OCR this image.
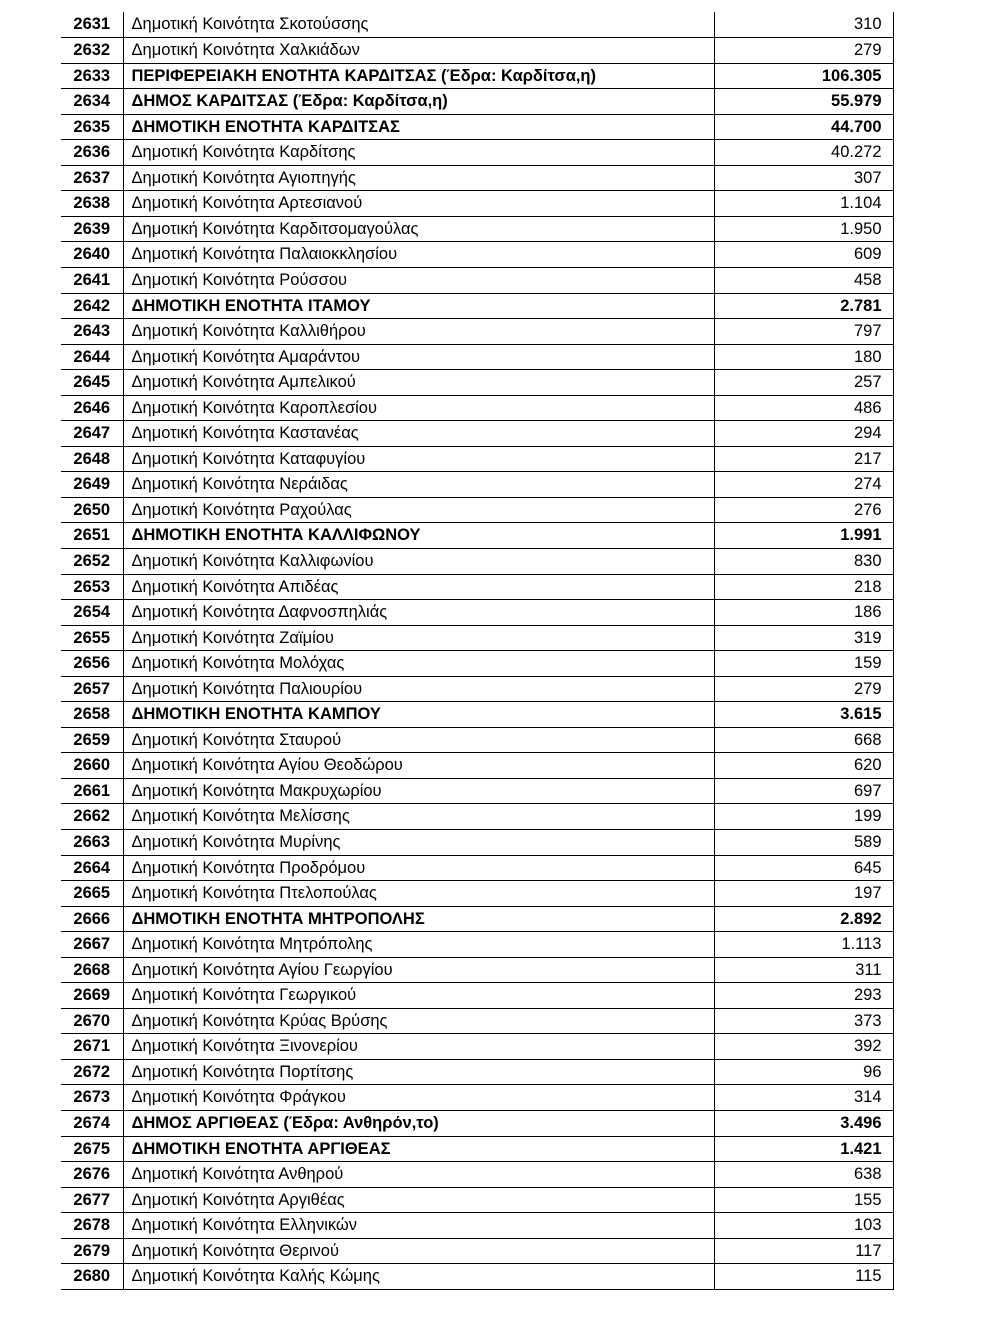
2631	Δημοτική Κοινότητα Σκοτούσσης	310
2632	Δημοτική Κοινότητα Χαλκιάδων	279
2633	ΠΕΡΙΦΕΡΕΙΑΚΗ ΕΝΟΤΗΤΑ ΚΑΡΔΙΤΣΑΣ (Έδρα: Καρδίτσα,η)	106.305
2634	ΔΗΜΟΣ ΚΑΡΔΙΤΣΑΣ (Έδρα: Καρδίτσα,η)	55.979
2635	ΔΗΜΟΤΙΚΗ ΕΝΟΤΗΤΑ ΚΑΡΔΙΤΣΑΣ	44.700
2636	Δημοτική Κοινότητα Καρδίτσης	40.272
2637	Δημοτική Κοινότητα Αγιοπηγής	307
2638	Δημοτική Κοινότητα Αρτεσιανού	1.104
2639	Δημοτική Κοινότητα Καρδιτσομαγούλας	1.950
2640	Δημοτική Κοινότητα Παλαιοκκλησίου	609
2641	Δημοτική Κοινότητα Ρούσσου	458
2642	ΔΗΜΟΤΙΚΗ ΕΝΟΤΗΤΑ ΙΤΑΜΟΥ	2.781
2643	Δημοτική Κοινότητα Καλλιθήρου	797
2644	Δημοτική Κοινότητα Αμαράντου	180
2645	Δημοτική Κοινότητα Αμπελικού	257
2646	Δημοτική Κοινότητα Καροπλεσίου	486
2647	Δημοτική Κοινότητα Καστανέας	294
2648	Δημοτική Κοινότητα Καταφυγίου	217
2649	Δημοτική Κοινότητα Νεράιδας	274
2650	Δημοτική Κοινότητα Ραχούλας	276
2651	ΔΗΜΟΤΙΚΗ ΕΝΟΤΗΤΑ ΚΑΛΛΙΦΩΝΟΥ	1.991
2652	Δημοτική Κοινότητα Καλλιφωνίου	830
2653	Δημοτική Κοινότητα Απιδέας	218
2654	Δημοτική Κοινότητα Δαφνοσπηλιάς	186
2655	Δημοτική Κοινότητα Ζαϊμίου	319
2656	Δημοτική Κοινότητα Μολόχας	159
2657	Δημοτική Κοινότητα Παλιουρίου	279
2658	ΔΗΜΟΤΙΚΗ ΕΝΟΤΗΤΑ ΚΑΜΠΟΥ	3.615
2659	Δημοτική Κοινότητα Σταυρού	668
2660	Δημοτική Κοινότητα Αγίου Θεοδώρου	620
2661	Δημοτική Κοινότητα Μακρυχωρίου	697
2662	Δημοτική Κοινότητα Μελίσσης	199
2663	Δημοτική Κοινότητα Μυρίνης	589
2664	Δημοτική Κοινότητα Προδρόμου	645
2665	Δημοτική Κοινότητα Πτελοπούλας	197
2666	ΔΗΜΟΤΙΚΗ ΕΝΟΤΗΤΑ ΜΗΤΡΟΠΟΛΗΣ	2.892
2667	Δημοτική Κοινότητα Μητρόπολης	1.113
2668	Δημοτική Κοινότητα Αγίου Γεωργίου	311
2669	Δημοτική Κοινότητα Γεωργικού	293
2670	Δημοτική Κοινότητα Κρύας Βρύσης	373
2671	Δημοτική Κοινότητα Ξινονερίου	392
2672	Δημοτική Κοινότητα Πορτίτσης	96
2673	Δημοτική Κοινότητα Φράγκου	314
2674	ΔΗΜΟΣ ΑΡΓΙΘΕΑΣ (Έδρα: Ανθηρόν,το)	3.496
2675	ΔΗΜΟΤΙΚΗ ΕΝΟΤΗΤΑ ΑΡΓΙΘΕΑΣ	1.421
2676	Δημοτική Κοινότητα Ανθηρού	638
2677	Δημοτική Κοινότητα Αργιθέας	155
2678	Δημοτική Κοινότητα Ελληνικών	103
2679	Δημοτική Κοινότητα Θερινού	117
2680	Δημοτική Κοινότητα Καλής Κώμης	115
